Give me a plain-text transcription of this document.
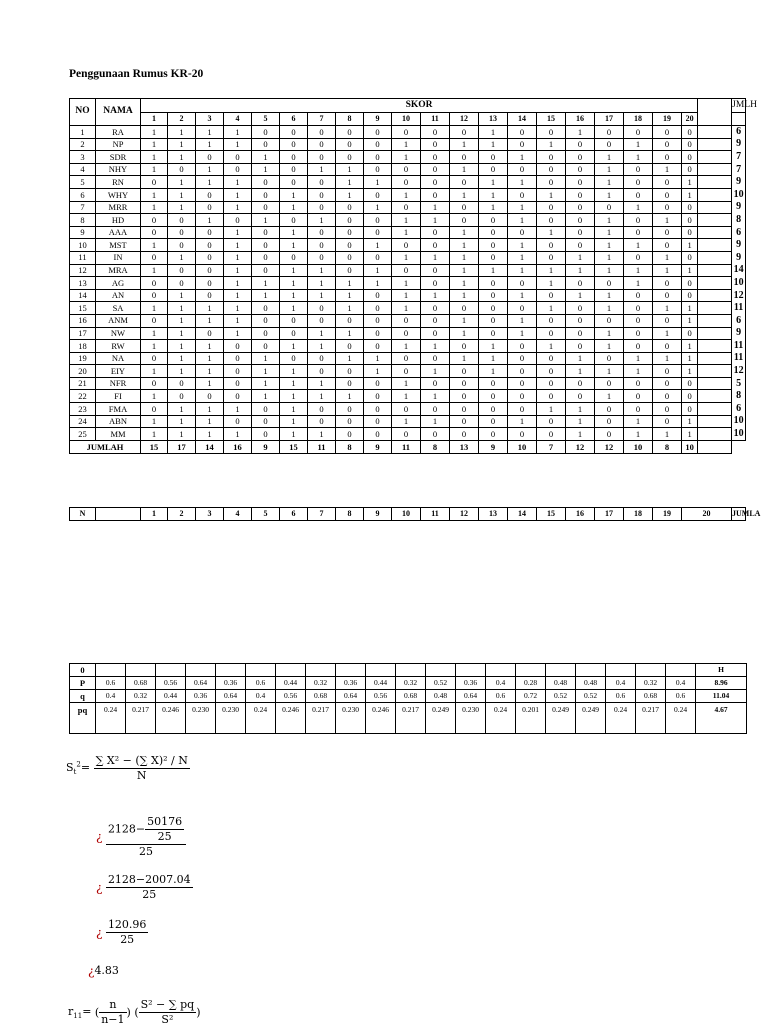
Penggunaan Rumus KR-20
NO	NAMA	SKOR																					JMLH
		1	2	3	4	5	6	7	8	9	10	11	12	13	14	15	16	17	18	19	20		
1	RA	1	1	1	1	0	0	0	0	0	0	0	0	1	0	0	1	0	0	0	0		6
2	NP	1	1	1	1	0	0	0	0	0	1	0	1	1	0	1	0	0	1	0	0		9
3	SDR	1	1	0	0	1	0	0	0	0	1	0	0	0	1	0	0	1	1	0	0		7
4	NHY	1	0	1	0	1	0	1	1	0	0	0	1	0	0	0	0	1	0	1	0		7
5	RN	0	1	1	1	0	0	0	1	1	0	0	0	1	1	0	0	1	0	0	1		9
6	WHY	1	1	0	1	0	1	0	1	0	1	0	1	1	0	1	0	1	0	0	1		10
7	MRR	1	1	0	1	0	1	0	0	1	0	1	0	1	1	0	0	0	1	0	0		9
8	HD	0	0	1	0	1	0	1	0	0	1	1	0	0	1	0	0	1	0	1	0		8
9	AAA	0	0	0	1	0	1	0	0	0	1	0	1	0	0	1	0	1	0	0	0		6
10	MST	1	0	0	1	0	1	0	0	1	0	0	1	0	1	0	0	1	1	0	1		9
11	IN	0	1	0	1	0	0	0	0	0	1	1	1	0	1	0	1	1	0	1	0		9
12	MRA	1	0	0	1	0	1	1	0	1	0	0	1	1	1	1	1	1	1	1	1		14
13	AG	0	0	0	1	1	1	1	1	1	1	0	1	0	0	1	0	0	1	0	0		10
14	AN	0	1	0	1	1	1	1	1	0	1	1	1	0	1	0	1	1	0	0	0		12
15	SA	1	1	1	1	0	1	0	1	0	1	0	0	0	0	1	0	1	0	1	1		11
16	ANM	0	1	1	1	0	0	0	0	0	0	0	1	0	1	0	0	0	0	0	1		6
17	NW	1	1	0	1	0	0	1	1	0	0	0	1	0	1	0	0	1	0	1	0		9
18	RW	1	1	1	0	0	1	1	0	0	1	1	0	1	0	1	0	1	0	0	1		11
19	NA	0	1	1	0	1	0	0	1	1	0	0	1	1	0	0	1	0	1	1	1		11
20	EIY	1	1	1	0	1	1	0	0	1	0	1	0	1	0	0	1	1	1	0	1		12
21	NFR	0	0	1	0	1	1	1	0	0	1	0	0	0	0	0	0	0	0	0	0		5
22	FI	1	0	0	0	1	1	1	1	0	1	1	0	0	0	0	0	1	0	0	0		8
23	FMA	0	1	1	1	0	1	0	0	0	0	0	0	0	0	1	1	0	0	0	0		6
24	ABN	1	1	1	0	0	1	0	0	0	1	1	0	0	1	0	1	0	1	0	1		10
25	MM	1	1	1	1	0	1	1	0	0	0	0	0	0	0	0	1	0	1	1	1		10
JUMLAH		15	17	14	16	9	15	11	8	9	11	8	13	9	10	7	12	12	10	8	10		
N		1	2	3	4	5	6	7	8	9	10	11	12	13	14	15	16	17	18	19	20	JUMLA
0																					H
P	0.6	0.68	0.56	0.64	0.36	0.6	0.44	0.32	0.36	0.44	0.32	0.52	0.36	0.4	0.28	0.48	0.48	0.4	0.32	0.4	8.96
q	0.4	0.32	0.44	0.36	0.64	0.4	0.56	0.68	0.64	0.56	0.68	0.48	0.64	0.6	0.72	0.52	0.52	0.6	0.68	0.6	11.04
pq	0.24	0.217	0.246	0.230	0.230	0.24	0.246	0.217	0.230	0.246	0.217	0.249	0.230	0.24	0.201	0.249	0.249	0.24	0.217	0.24	4.67
$S_t^2= \frac{\text{∑ X² − (∑ X)² / N}}{N}$
¿ $\frac{2128- \frac{50176}{25}}{25}$
¿ $\frac{2128-2007.04}{25}$
¿ $\frac{120.96}{25}$
¿4.83
$r_{11}=$ ( $\frac{n}{n-1}$ ) ( $\frac{\text{S² − ∑ pq}}{\text{S²}}$ )
